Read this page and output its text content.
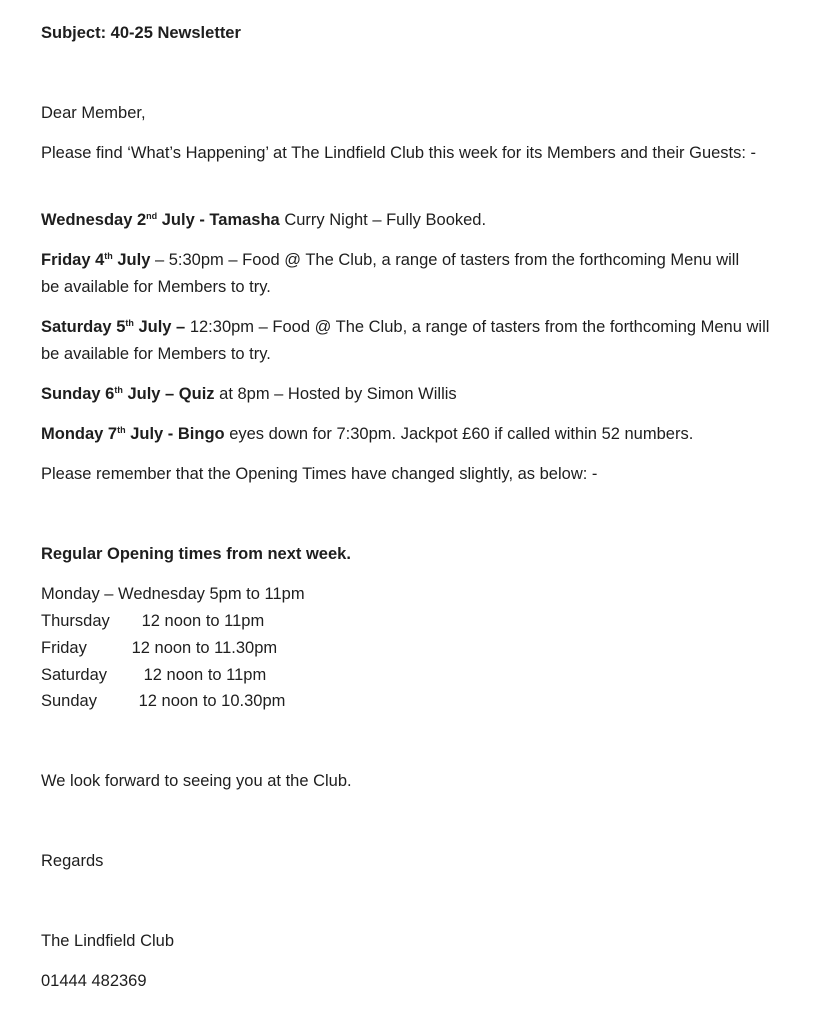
Subject: 40-25 Newsletter
Dear Member,
Please find ‘What’s Happening’ at The Lindfield Club this week for its Members and their Guests: -
Wednesday 2nd July - Tamasha Curry Night – Fully Booked.
Friday 4th July – 5:30pm – Food @ The Club, a range of tasters from the forthcoming Menu will be available for Members to try.
Saturday 5th July – 12:30pm – Food @ The Club, a range of tasters from the forthcoming Menu will be available for Members to try.
Sunday 6th July – Quiz at 8pm – Hosted by Simon Willis
Monday 7th July - Bingo eyes down for 7:30pm. Jackpot £60 if called within 52 numbers.
Please remember that the Opening Times have changed slightly, as below: -
Regular Opening times from next week.
Monday – Wednesday 5pm to 11pm
Thursday 12 noon to 11pm
Friday	12 noon to 11.30pm
Saturday 12 noon to 11pm
Sunday	12 noon to 10.30pm
We look forward to seeing you at the Club.
Regards
The Lindfield Club
01444 482369
